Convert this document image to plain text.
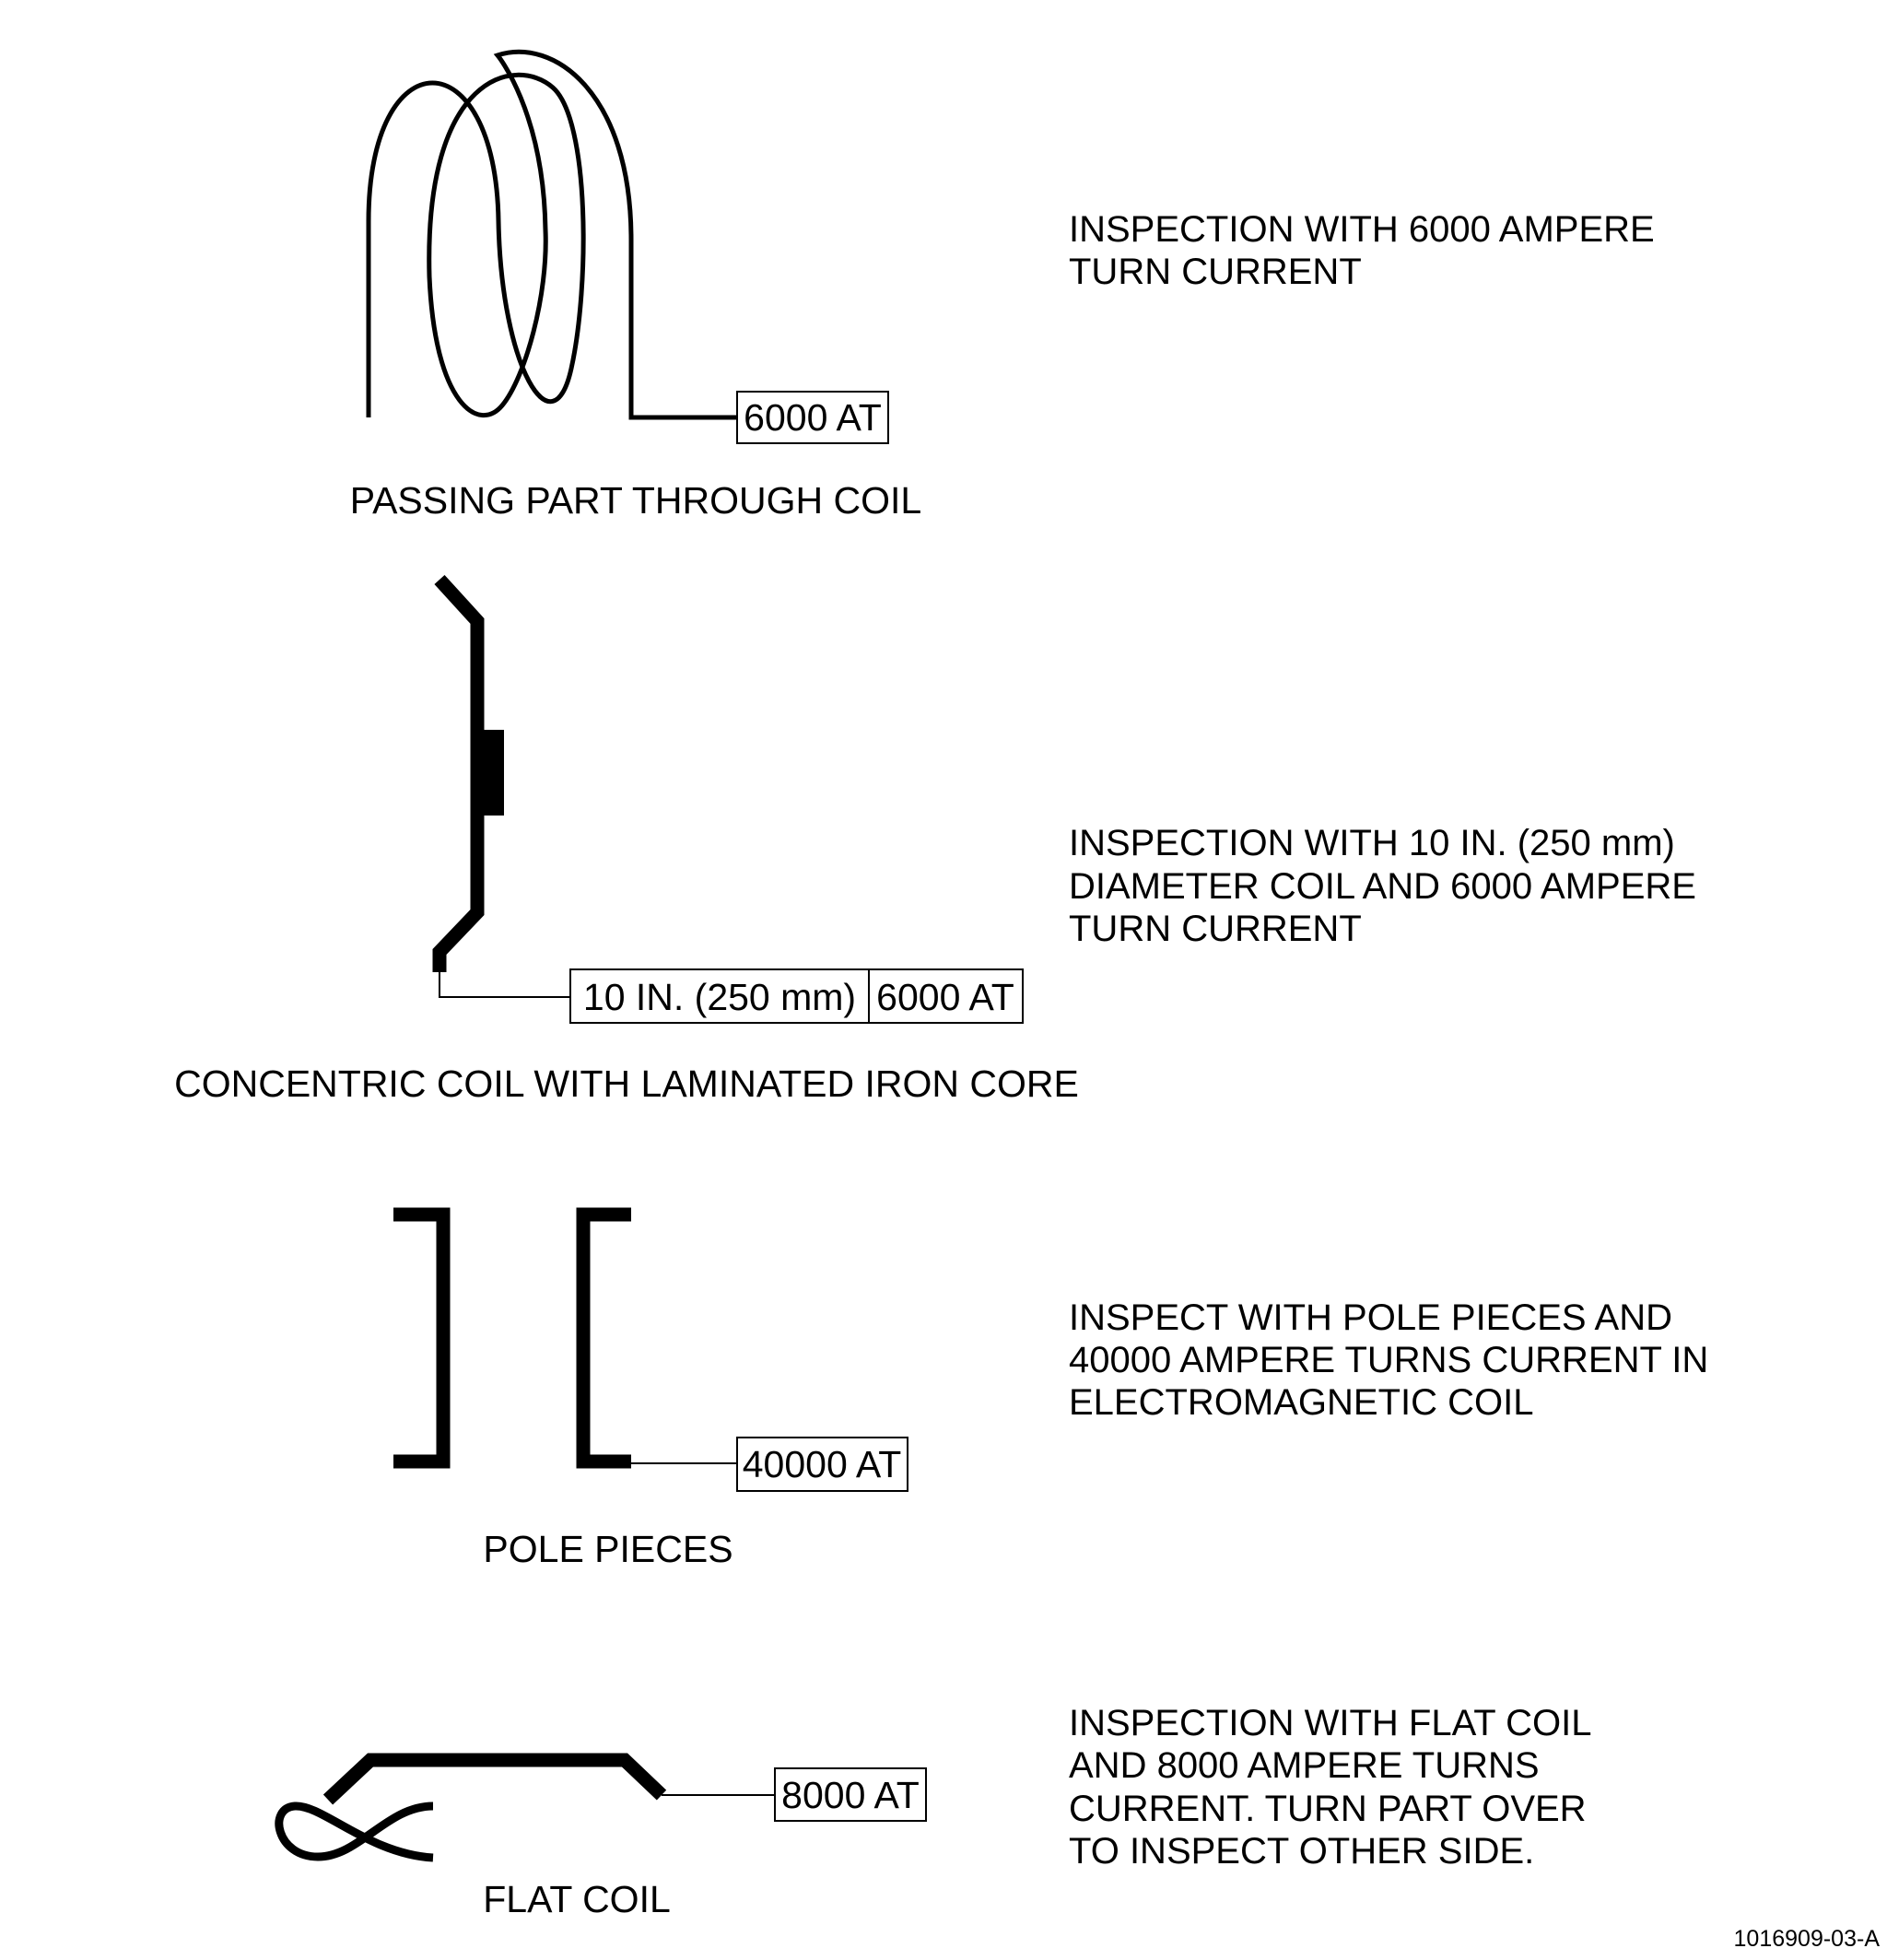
6000 AT
PASSING PART THROUGH COIL
INSPECTION WITH 6000 AMPERE
TURN CURRENT
10 IN. (250 mm) 6000 AT
CONCENTRIC COIL WITH LAMINATED IRON CORE
INSPECTION WITH 10 IN. (250 mm)
DIAMETER COIL AND 6000 AMPERE
TURN CURRENT
40000 AT
POLE PIECES
INSPECT WITH POLE PIECES AND
40000 AMPERE TURNS CURRENT IN
ELECTROMAGNETIC COIL
8000 AT
FLAT COIL
INSPECTION WITH FLAT COIL
AND 8000 AMPERE TURNS
CURRENT. TURN PART OVER
TO INSPECT OTHER SIDE.
1016909-03-A
